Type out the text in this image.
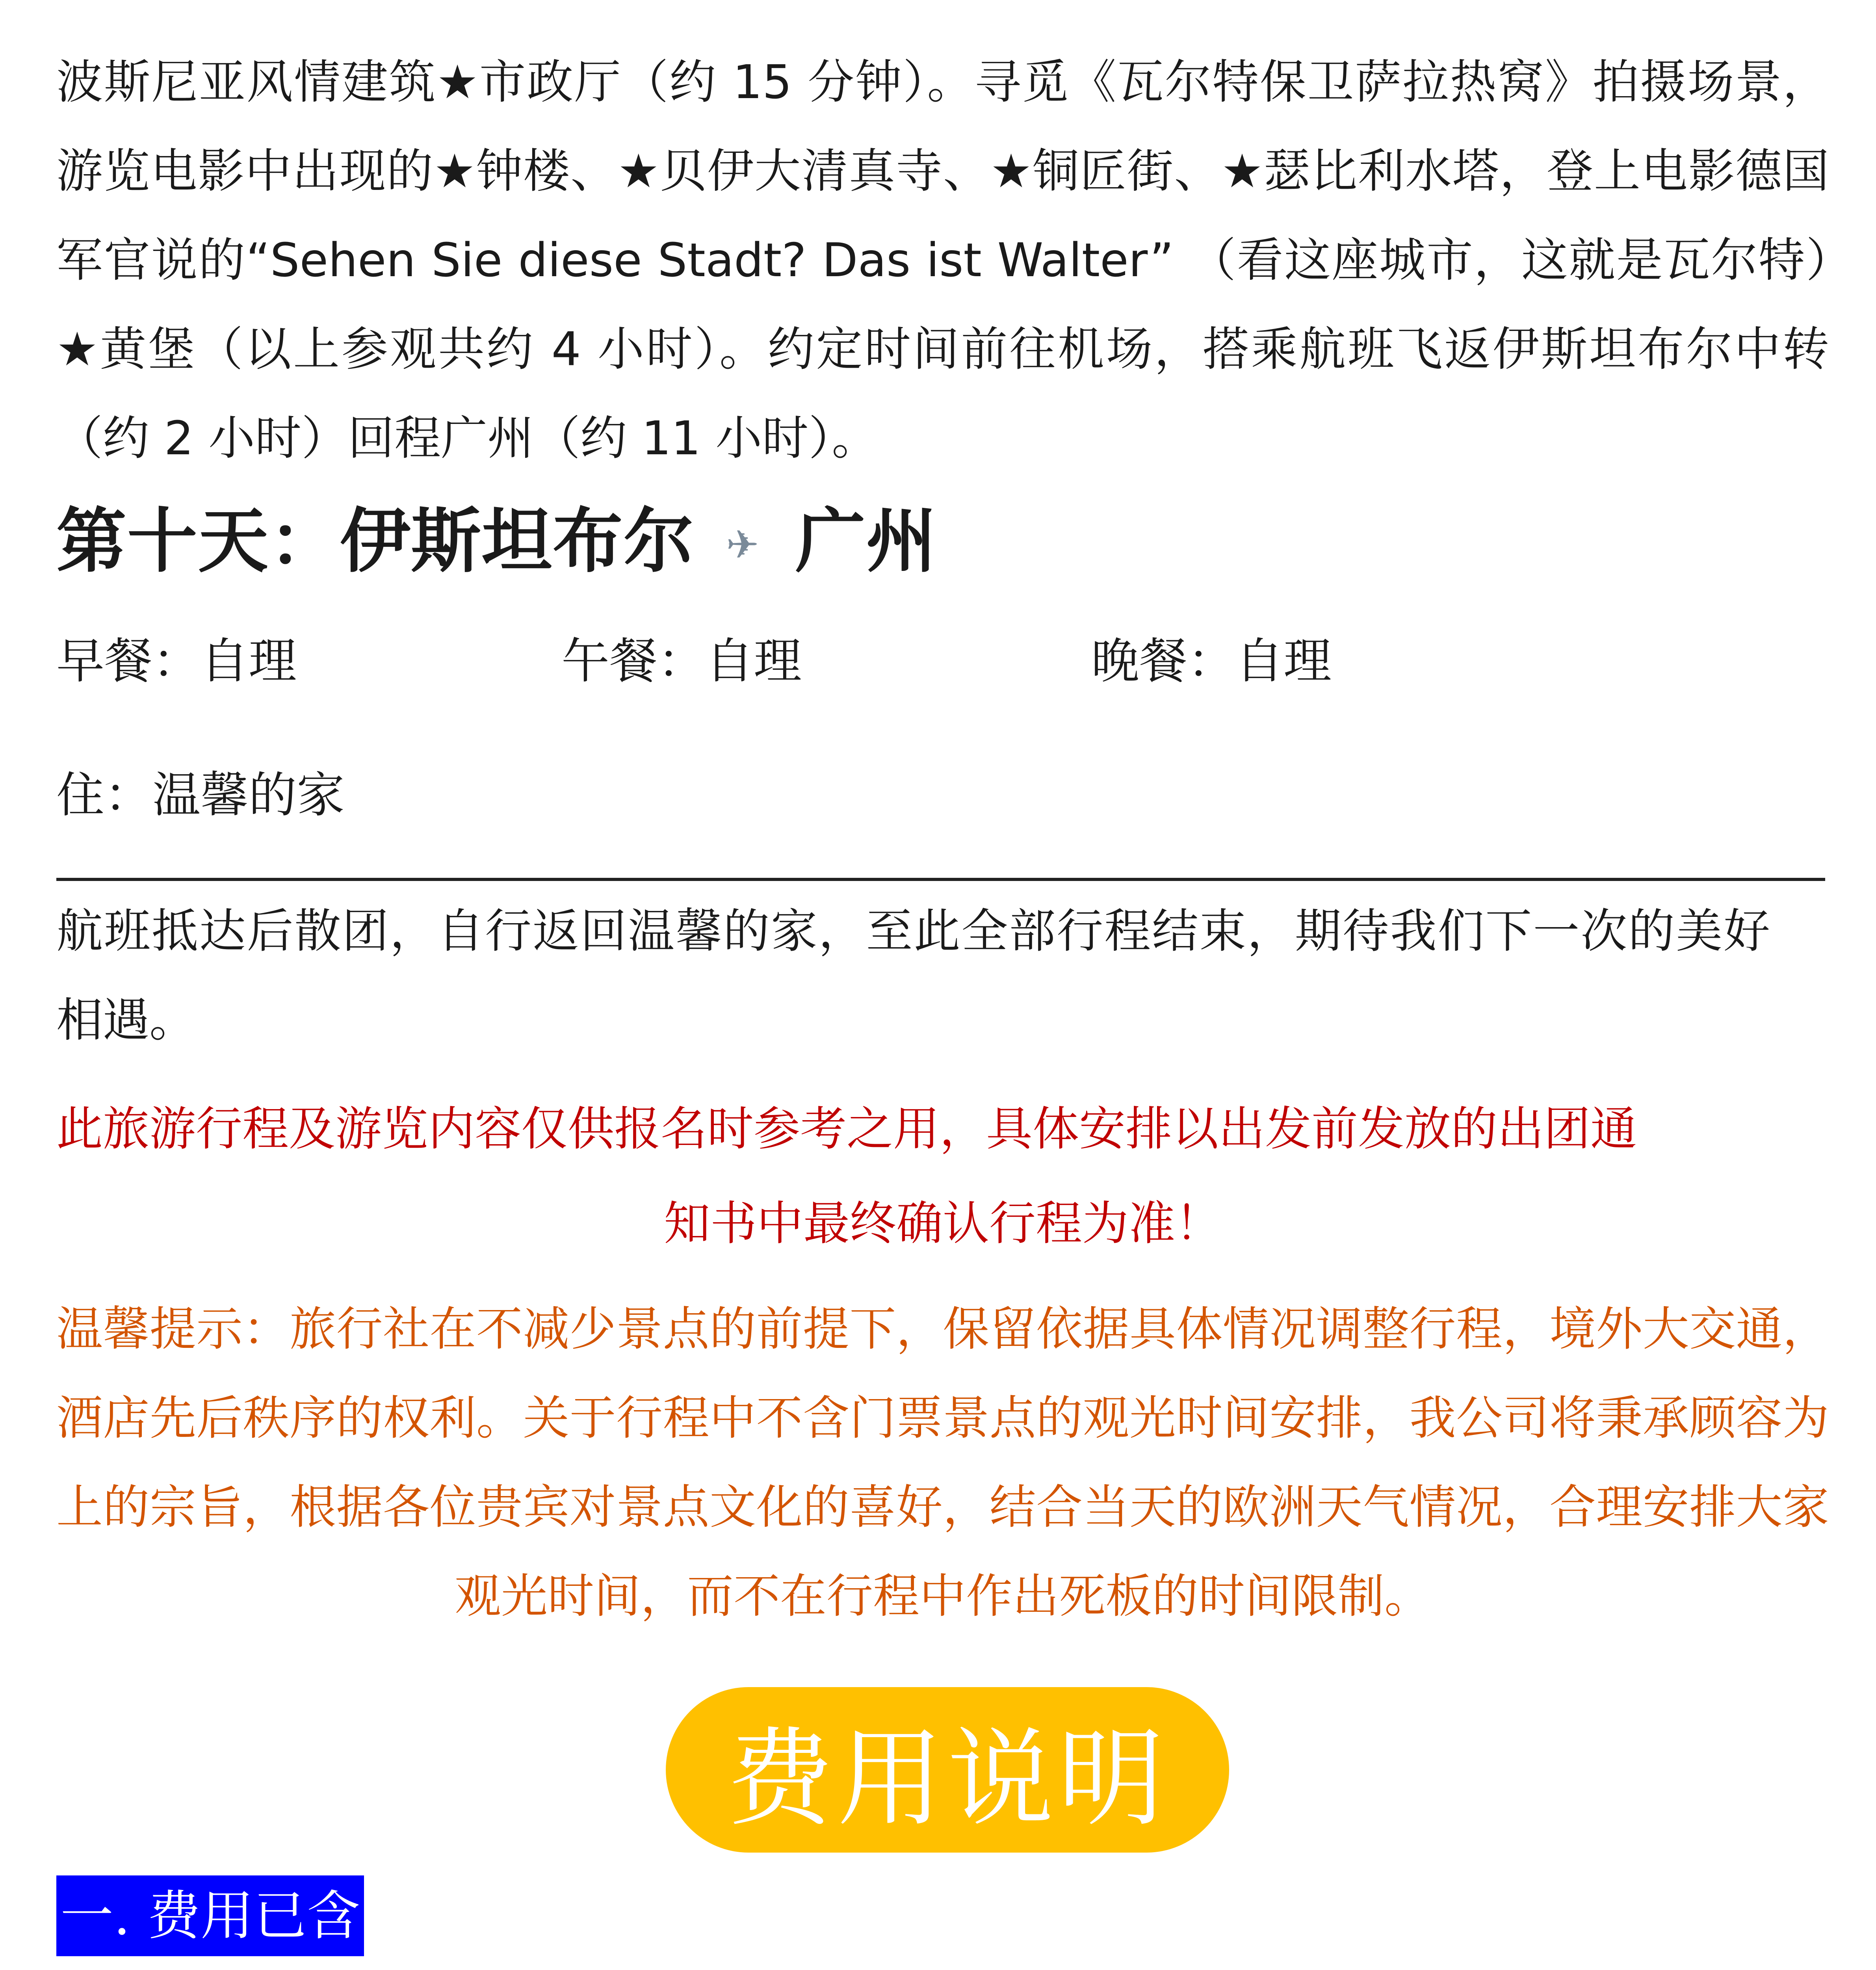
波斯尼亚风情建筑★市政厅（约 15 分钟）。寻觅《瓦尔特保卫萨拉热窝》拍摄场景，游览电影中出现的★钟楼、★贝伊大清真寺、★铜匠街、★瑟比利水塔，登上电影德国军官说的“Sehen Sie diese Stadt? Das ist Walter” （看这座城市，这就是瓦尔特）★黄堡（以上参观共约 4 小时）。约定时间前往机场，搭乘航班飞返伊斯坦布尔中转（约 2 小时）回程广州（约 11 小时）。

第十天：伊斯坦布尔 ✈ 广州
早餐：自理	午餐：自理	晚餐：自理
住：温馨的家

航班抵达后散团，自行返回温馨的家，至此全部行程结束，期待我们下一次的美好相遇。

此旅游行程及游览内容仅供报名时参考之用，具体安排以出发前发放的出团通

知书中最终确认行程为准！

温馨提示：旅行社在不减少景点的前提下，保留依据具体情况调整行程，境外大交通，酒店先后秩序的权利。关于行程中不含门票景点的观光时间安排，我公司将秉承顾容为上的宗旨，根据各位贵宾对景点文化的喜好，结合当天的欧洲天气情况，合理安排大家观光时间，而不在行程中作出死板的时间限制。

费用说明
一. 费用已含
